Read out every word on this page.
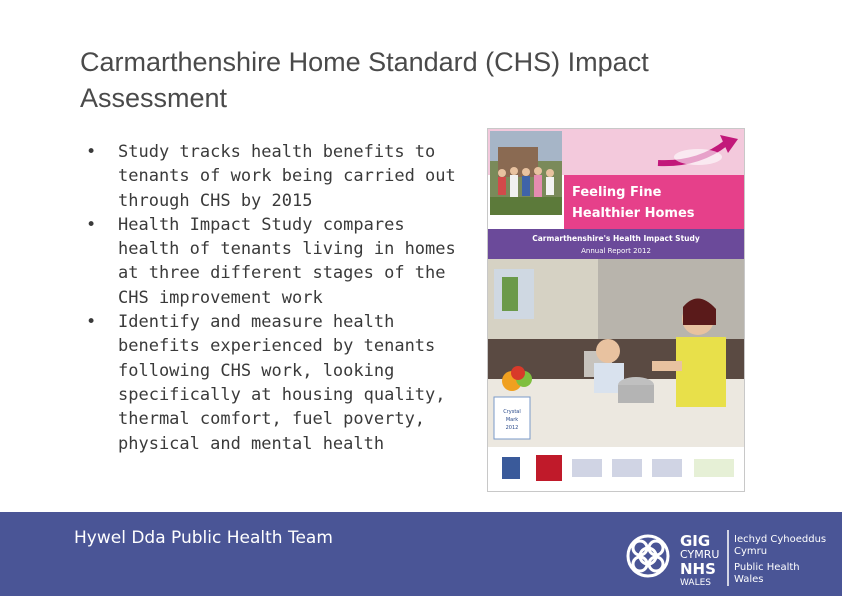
Carmarthenshire Home Standard (CHS) Impact Assessment
• Study tracks health benefits to tenants of work being carried out through CHS by 2015
• Health Impact Study compares health of tenants living in homes at three different stages of the CHS improvement work
• Identify and measure health benefits experienced by tenants following CHS work, looking specifically at housing quality, thermal comfort, fuel poverty, physical and mental health
Feeling Fine
Healthier Homes
Carmarthenshire's Health Impact Study
Annual Report 2012
Crystal
Mark
2012
Hywel Dda Public Health Team	GIG
CYMRU
NHS
WALES
Iechyd Cyhoeddus
Cymru
Public Health
Wales
